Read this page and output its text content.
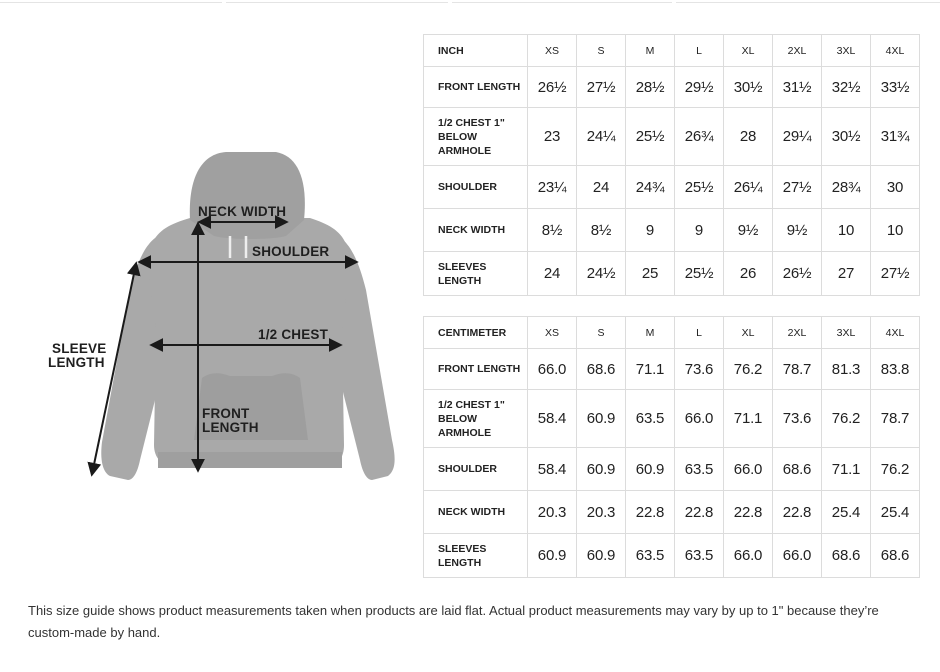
NECK WIDTH
SHOULDER
1/2 CHEST
SLEEVE
LENGTH
FRONT
LENGTH
INCH	XS	S	M	L	XL	2XL	3XL	4XL
FRONT LENGTH	26½	27½	28½	29½	30½	31½	32½	33½
1/2 CHEST 1"
BELOW
ARMHOLE	23	24¼	25½	26¾	28	29¼	30½	31¾
SHOULDER	23¼	24	24¾	25½	26¼	27½	28¾	30
NECK WIDTH	8½	8½	9	9	9½	9½	10	10
SLEEVES
LENGTH	24	24½	25	25½	26	26½	27	27½
CENTIMETER	XS	S	M	L	XL	2XL	3XL	4XL
FRONT LENGTH	66.0	68.6	71.1	73.6	76.2	78.7	81.3	83.8
1/2 CHEST 1"
BELOW
ARMHOLE	58.4	60.9	63.5	66.0	71.1	73.6	76.2	78.7
SHOULDER	58.4	60.9	60.9	63.5	66.0	68.6	71.1	76.2
NECK WIDTH	20.3	20.3	22.8	22.8	22.8	22.8	25.4	25.4
SLEEVES
LENGTH	60.9	60.9	63.5	63.5	66.0	66.0	68.6	68.6

This size guide shows product measurements taken when products are laid flat. Actual product measurements may vary by up to 1" because they’re custom-made by hand.
